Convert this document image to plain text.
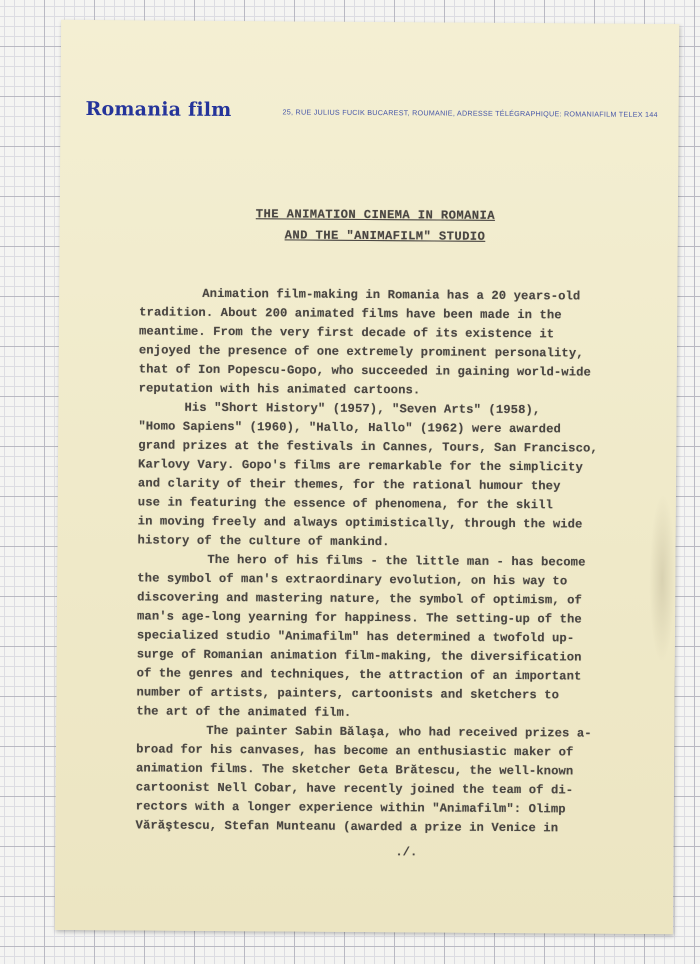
Romania film	25, RUE JULIUS FUCIK BUCAREST, ROUMANIE, ADRESSE TÉLÉGRAPHIQUE: ROMANIAFILM TELEX 144
THE ANIMATION CINEMA IN ROMANIA
AND THE "ANIMAFILM" STUDIO
Animation film-making in Romania has a 20 years-old
tradition. About 200 animated films have been made in the
meantime. From the very first decade of its existence it
enjoyed the presence of one extremely prominent personality,
that of Ion Popescu-Gopo, who succeeded in gaining world-wide
reputation with his animated cartoons.
His "Short History" (1957), "Seven Arts" (1958),
"Homo Sapiens" (1960), "Hallo, Hallo" (1962) were awarded
grand prizes at the festivals in Cannes, Tours, San Francisco,
Karlovy Vary. Gopo's films are remarkable for the simplicity
and clarity of their themes, for the rational humour they
use in featuring the essence of phenomena, for the skill
in moving freely and always optimistically, through the wide
history of the culture of mankind.
The hero of his films - the little man - has become
the symbol of man's extraordinary evolution, on his way to
discovering and mastering nature, the symbol of optimism, of
man's age-long yearning for happiness. The setting-up of the
specialized studio "Animafilm" has determined a twofold up-
surge of Romanian animation film-making, the diversification
of the genres and techniques, the attraction of an important
number of artists, painters, cartoonists and sketchers to
the art of the animated film.
The painter Sabin Bălaşa, who had received prizes a-
broad for his canvases, has become an enthusiastic maker of
animation films. The sketcher Geta Brătescu, the well-known
cartoonist Nell Cobar, have recently joined the team of di-
rectors with a longer experience within "Animafilm": Olimp
Vărăştescu, Stefan Munteanu (awarded a prize in Venice in
./.
